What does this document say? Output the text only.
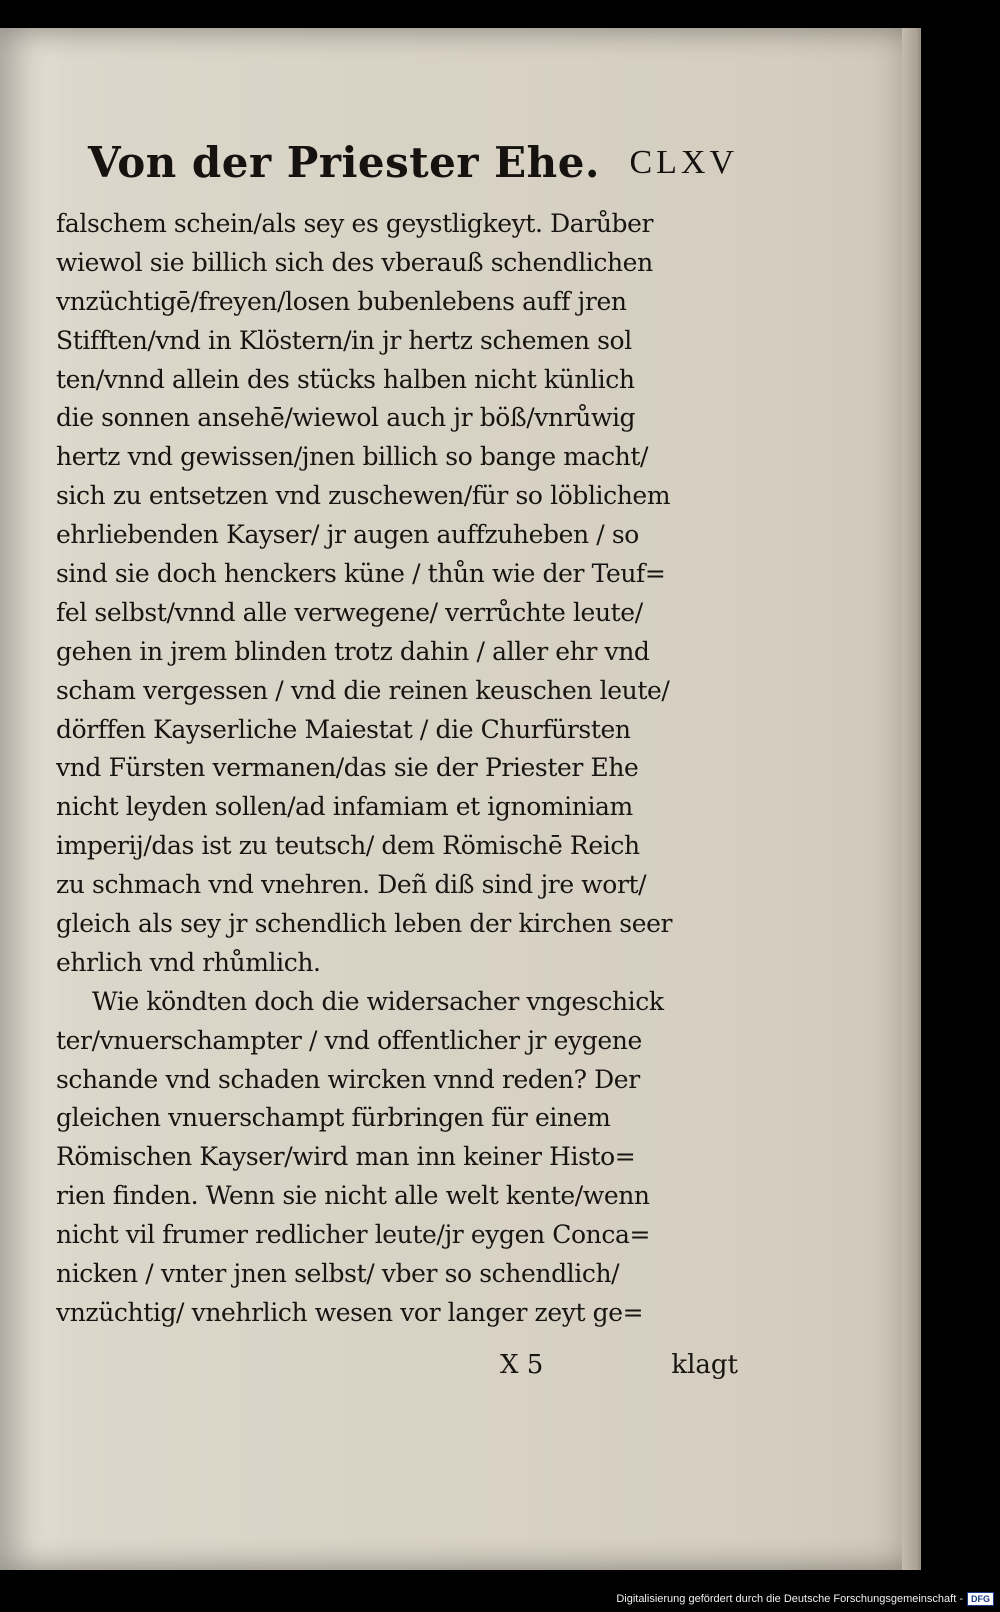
Von der Priester Ehe. CLXV
falschem schein/als sey es geystligkeyt. Darůber
wiewol sie billich sich des vberauß schendlichen
vnzüchtigē/freyen/losen bubenlebens auff jren
Stifften/vnd in Klöstern/in jr hertz schemen sol
ten/vnnd allein des stücks halben nicht künlich
die sonnen ansehē/wiewol auch jr böß/vnrůwig
hertz vnd gewissen/jnen billich so bange macht/
sich zu entsetzen vnd zuschewen/für so löblichem
ehrliebenden Kayser/ jr augen auffzuheben / so
sind sie doch henckers küne / thůn wie der Teuf=
fel selbst/vnnd alle verwegene/ verrůchte leute/
gehen in jrem blinden trotz dahin / aller ehr vnd
scham vergessen / vnd die reinen keuschen leute/
dörffen Kayserliche Maiestat / die Churfürsten
vnd Fürsten vermanen/das sie der Priester Ehe
nicht leyden sollen/ad infamiam et ignominiam
imperij/das ist zu teutsch/ dem Römischē Reich
zu schmach vnd vnehren. Deñ diß sind jre wort/
gleich als sey jr schendlich leben der kirchen seer
ehrlich vnd rhůmlich.
Wie köndten doch die widersacher vngeschick
ter/vnuerschampter / vnd offentlicher jr eygene
schande vnd schaden wircken vnnd reden? Der
gleichen vnuerschampt fürbringen für einem
Römischen Kayser/wird man inn keiner Histo=
rien finden. Wenn sie nicht alle welt kente/wenn
nicht vil frumer redlicher leute/jr eygen Conca=
nicken / vnter jnen selbst/ vber so schendlich/
vnzüchtig/ vnehrlich wesen vor langer zeyt ge=
X 5	klagt
Digitalisierung gefördert durch die Deutsche Forschungsgemeinschaft - DFG
